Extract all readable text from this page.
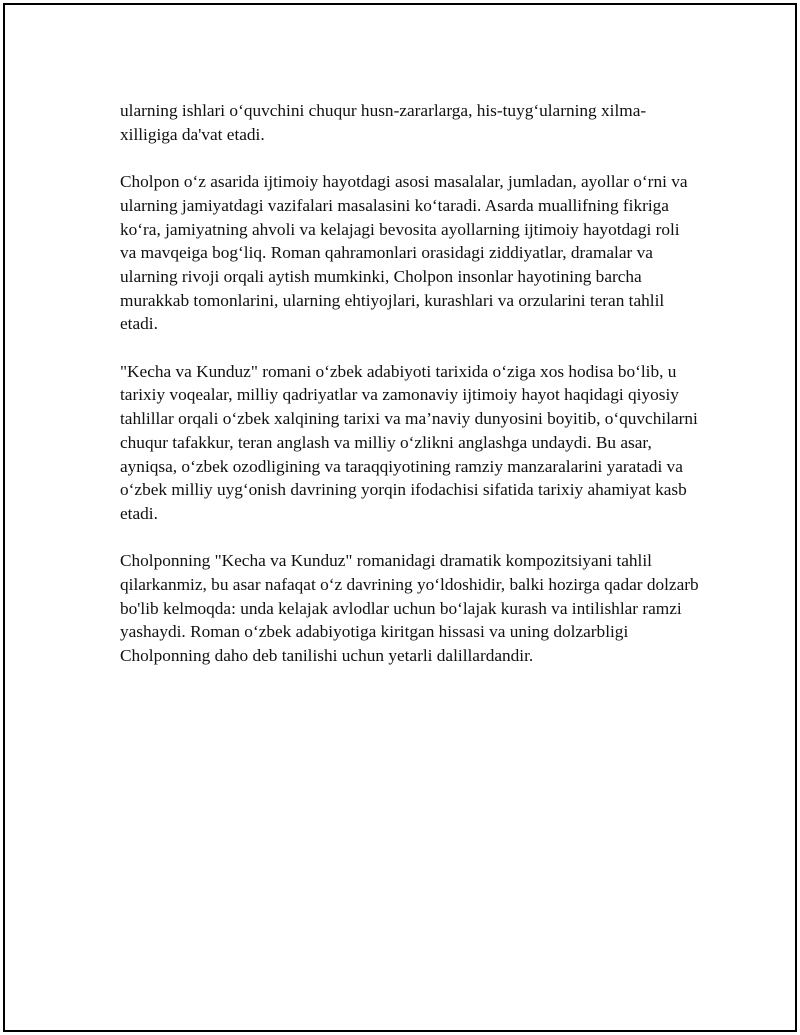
ularning ishlari o‘quvchini chuqur husn-zararlarga, his-tuyg‘ularning xilma-xilligiga da'vat etadi.

Cholpon o‘z asarida ijtimoiy hayotdagi asosi masalalar, jumladan, ayollar o‘rni va ularning jamiyatdagi vazifalari masalasini ko‘taradi. Asarda muallifning fikriga ko‘ra, jamiyatning ahvoli va kelajagi bevosita ayollarning ijtimoiy hayotdagi roli va mavqeiga bog‘liq. Roman qahramonlari orasidagi ziddiyatlar, dramalar va ularning rivoji orqali aytish mumkinki, Cholpon insonlar hayotining barcha murakkab tomonlarini, ularning ehtiyojlari, kurashlari va orzularini teran tahlil etadi.

"Kecha va Kunduz" romani o‘zbek adabiyoti tarixida o‘ziga xos hodisa bo‘lib, u tarixiy voqealar, milliy qadriyatlar va zamonaviy ijtimoiy hayot haqidagi qiyosiy tahlillar orqali o‘zbek xalqining tarixi va ma’naviy dunyosini boyitib, o‘quvchilarni chuqur tafakkur, teran anglash va milliy o‘zlikni anglashga undaydi. Bu asar, ayniqsa, o‘zbek ozodligining va taraqqiyotining ramziy manzaralarini yaratadi va o‘zbek milliy uyg‘onish davrining yorqin ifodachisi sifatida tarixiy ahamiyat kasb etadi.

Cholponning "Kecha va Kunduz" romanidagi dramatik kompozitsiyani tahlil qilarkanmiz, bu asar nafaqat o‘z davrining yo‘ldoshidir, balki hozirga qadar dolzarb bo'lib kelmoqda: unda kelajak avlodlar uchun bo‘lajak kurash va intilishlar ramzi yashaydi. Roman o‘zbek adabiyotiga kiritgan hissasi va uning dolzarbligi Cholponning daho deb tanilishi uchun yetarli dalillardandir.
